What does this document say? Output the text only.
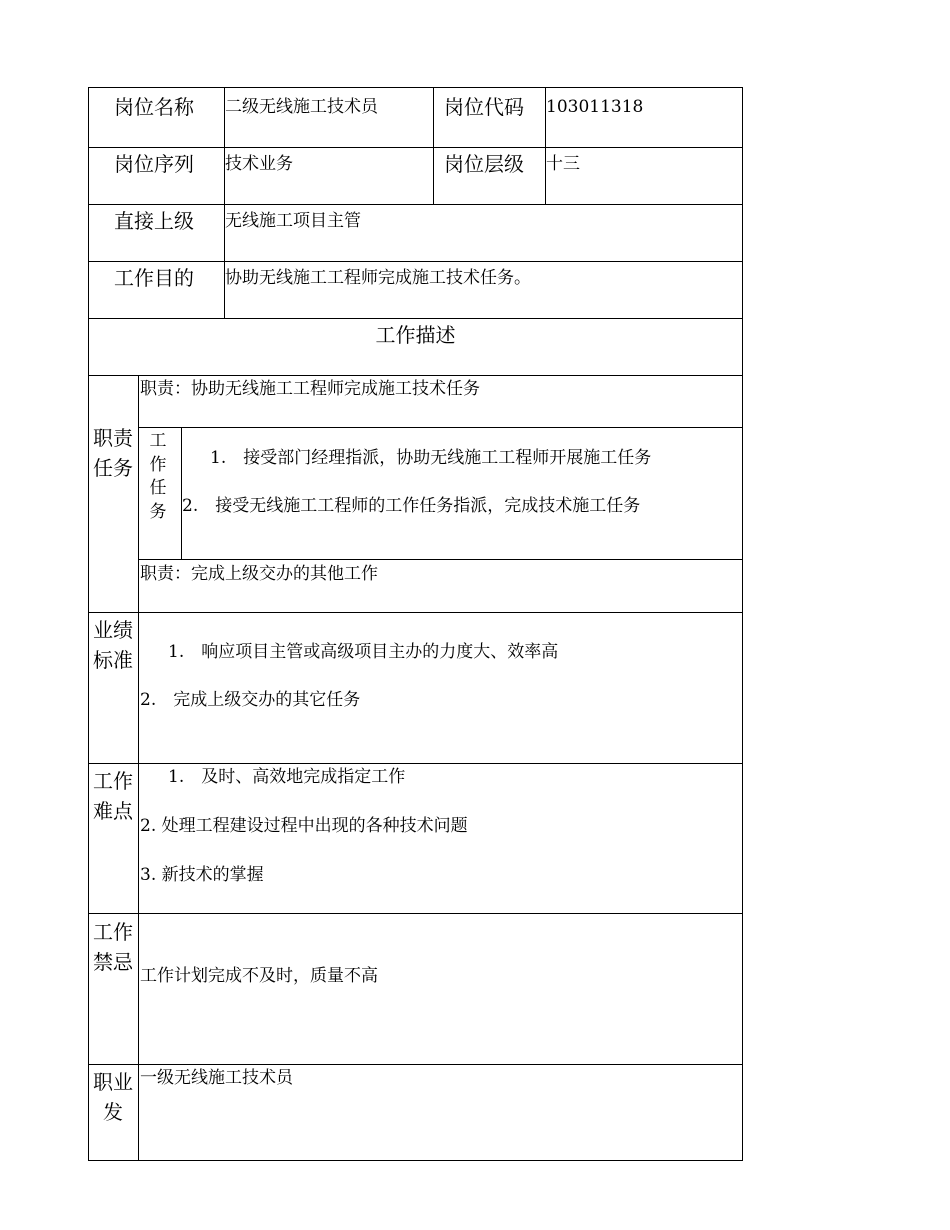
岗位名称 二级无线施工技术员	岗位代码 103011318
岗位序列 技术业务	岗位层级 十三
直接上级 无线施工项目主管
工作目的 协助无线施工工程师完成施工技术任务。
工作描述
职责任务
职责：协助无线施工工程师完成施工技术任务
工作任务
1.　接受部门经理指派，协助无线施工工程师开展施工任务
2.　接受无线施工工程师的工作任务指派，完成技术施工任务
职责：完成上级交办的其他工作
业绩标准 1.　响应项目主管或高级项目主办的力度大、效率高
2.　完成上级交办的其它任务
工作难点
1.　及时、高效地完成指定工作
2. 处理工程建设过程中出现的各种技术问题
3. 新技术的掌握
工作禁忌
工作计划完成不及时，质量不高
职业发
一级无线施工技术员
